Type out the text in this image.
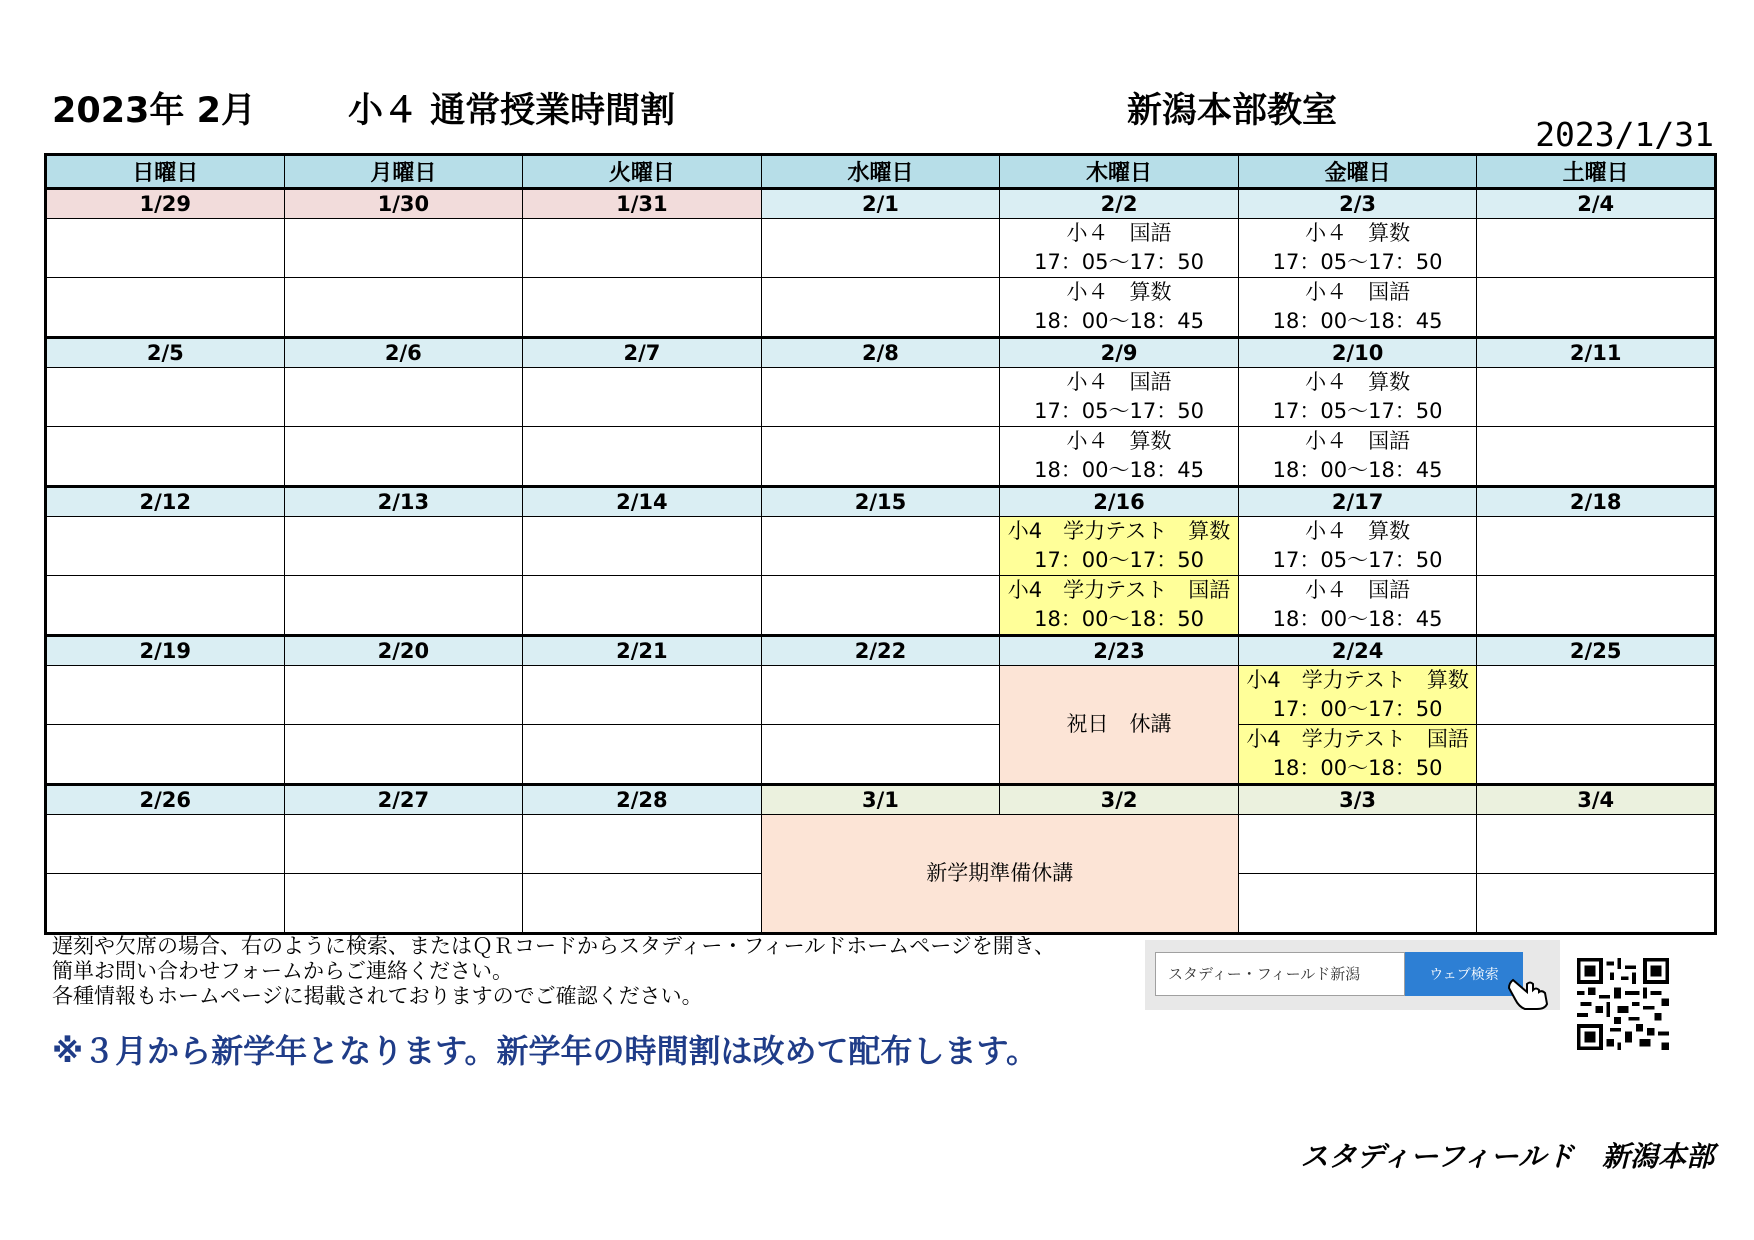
2023年 2月	小４ 通常授業時間割	新潟本部教室
2023/1/31
日曜日	月曜日	火曜日	水曜日	木曜日	金曜日	土曜日
1/29	1/30	1/31	2/1	2/2	2/3	2/4

				小４　国語
17：05～17：50	小４　算数
17：05～17：50	

				小４　算数
18：00～18：45	小４　国語
18：00～18：45	

2/5	2/6	2/7	2/8	2/9	2/10	2/11

				小４　国語
17：05～17：50	小４　算数
17：05～17：50	

				小４　算数
18：00～18：45	小４　国語
18：00～18：45	

2/12	2/13	2/14	2/15	2/16	2/17	2/18

				小4　学力テスト　算数
17：00～17：50	小４　算数
17：05～17：50	

				小4　学力テスト　国語
18：00～18：50	小４　国語
18：00～18：45	

2/19	2/20	2/21	2/22	2/23	2/24	2/25
				祝日　休講	小4　学力テスト　算数
17：00～17：50	

					小4　学力テスト　国語
18：00～18：50	

2/26	2/27	2/28	3/1	3/2	3/3	3/4
			新学期準備休講			

遅刻や欠席の場合、右のように検索、またはＱＲコードからスタディー・フィールドホームページを開き、
簡単お問い合わせフォームからご連絡ください。
各種情報もホームページに掲載されておりますのでご確認ください。
※３月から新学年となります。新学年の時間割は改めて配布します。
スタディー・フィールド新潟	ウェブ検索
スタディーフィールド　新潟本部
